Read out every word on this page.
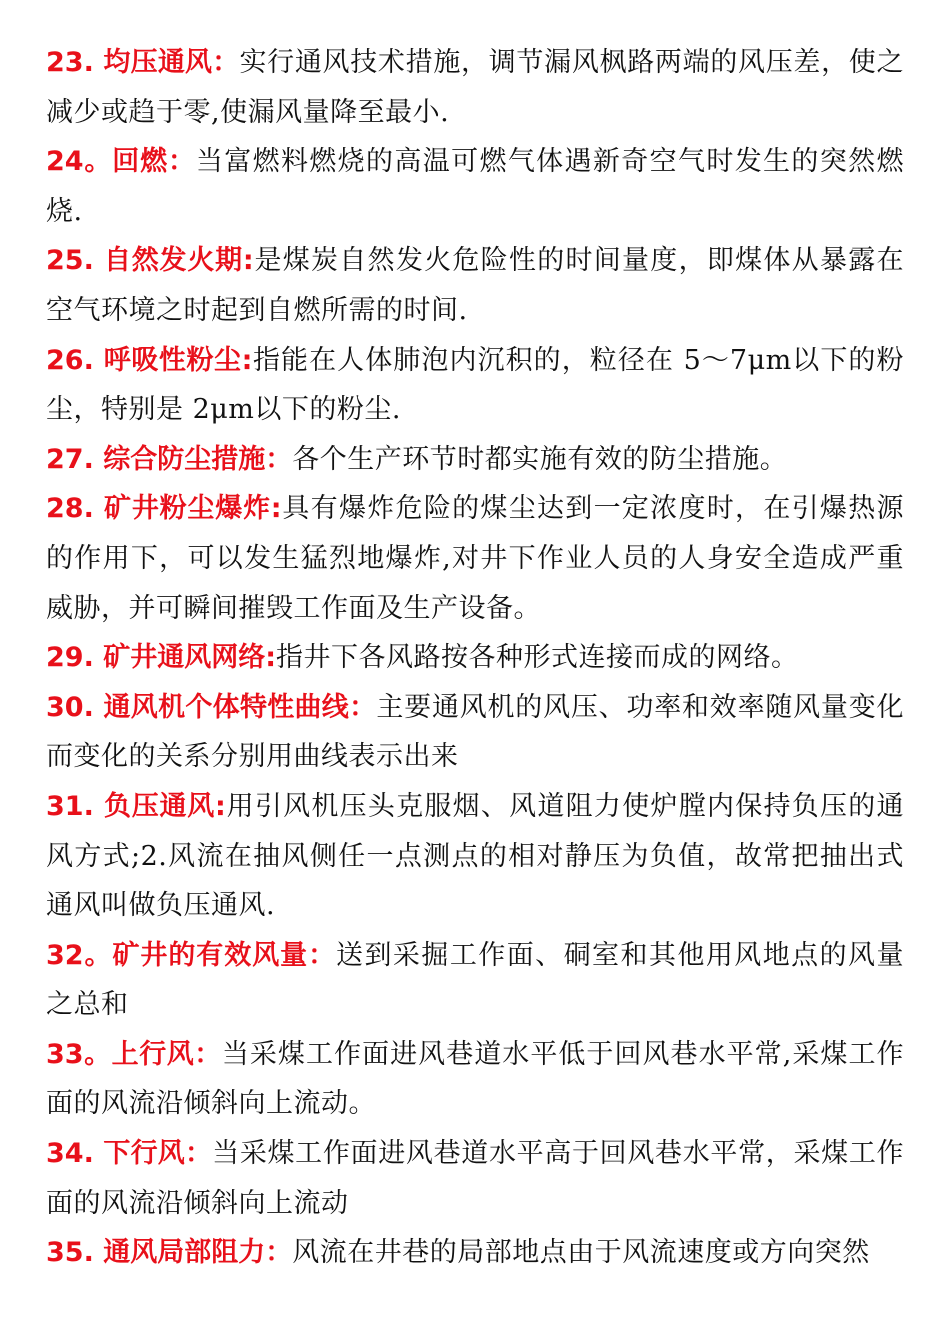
23. 均压通风：实行通风技术措施，调节漏风枫路两端的风压差，使之减少或趋于零,使漏风量降至最小.

24。回燃：当富燃料燃烧的高温可燃气体遇新奇空气时发生的突然燃烧.

25. 自然发火期:是煤炭自然发火危险性的时间量度，即煤体从暴露在空气环境之时起到自燃所需的时间.

26. 呼吸性粉尘:指能在人体肺泡内沉积的，粒径在 5～7μm以下的粉尘，特别是 2μm以下的粉尘.

27. 综合防尘措施：各个生产环节时都实施有效的防尘措施。

28. 矿井粉尘爆炸:具有爆炸危险的煤尘达到一定浓度时，在引爆热源的作用下，可以发生猛烈地爆炸,对井下作业人员的人身安全造成严重威胁，并可瞬间摧毁工作面及生产设备。

29. 矿井通风网络:指井下各风路按各种形式连接而成的网络。

30. 通风机个体特性曲线：主要通风机的风压、功率和效率随风量变化而变化的关系分别用曲线表示出来

31. 负压通风:用引风机压头克服烟、风道阻力使炉膛内保持负压的通风方式;2.风流在抽风侧任一点测点的相对静压为负值，故常把抽出式通风叫做负压通风.

32。矿井的有效风量：送到采掘工作面、硐室和其他用风地点的风量之总和

33。上行风：当采煤工作面进风巷道水平低于回风巷水平常,采煤工作面的风流沿倾斜向上流动。

34. 下行风：当采煤工作面进风巷道水平高于回风巷水平常，采煤工作面的风流沿倾斜向上流动

35. 通风局部阻力：风流在井巷的局部地点由于风流速度或方向突然
